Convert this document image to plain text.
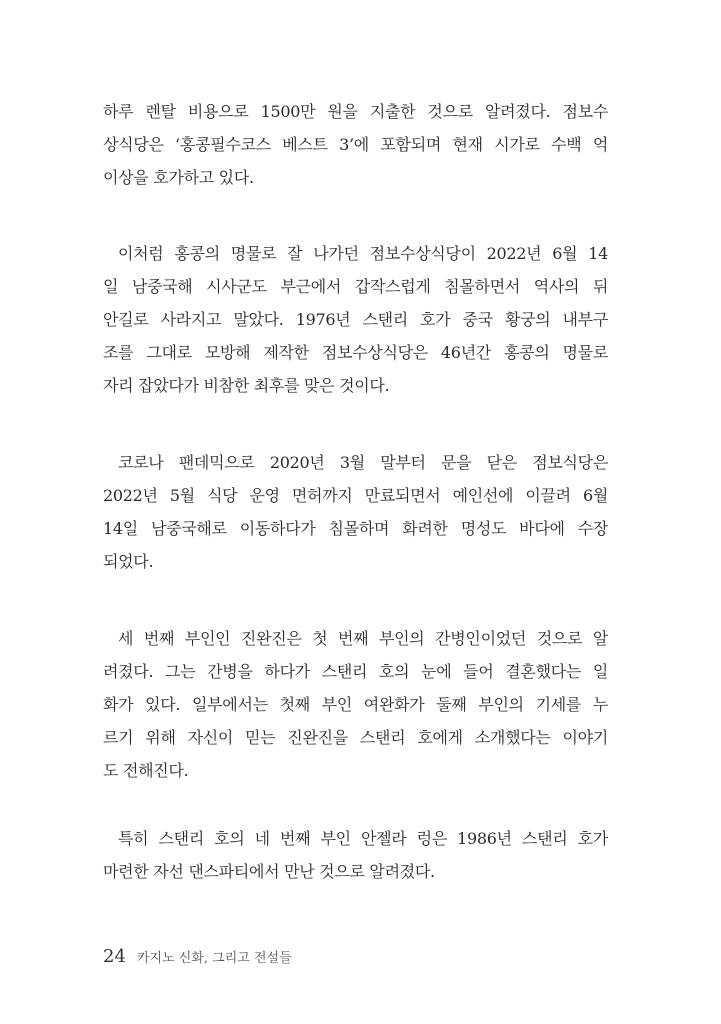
하루 렌탈 비용으로 1500만 원을 지출한 것으로 알려졌다. 점보수
상식당은 ‘홍콩필수코스 베스트 3’에 포함되며 현재 시가로 수백 억
이상을 호가하고 있다.
이처럼 홍콩의 명물로 잘 나가던 점보수상식당이 2022년 6월 14
일 남중국해 시사군도 부근에서 갑작스럽게 침몰하면서 역사의 뒤
안길로 사라지고 말았다. 1976년 스탠리 호가 중국 황궁의 내부구
조를 그대로 모방해 제작한 점보수상식당은 46년간 홍콩의 명물로
자리 잡았다가 비참한 최후를 맞은 것이다.
코로나 팬데믹으로 2020년 3월 말부터 문을 닫은 점보식당은
2022년 5월 식당 운영 면허까지 만료되면서 예인선에 이끌려 6월
14일 남중국해로 이동하다가 침몰하며 화려한 명성도 바다에 수장
되었다.
세 번째 부인인 진완진은 첫 번째 부인의 간병인이었던 것으로 알
려졌다. 그는 간병을 하다가 스탠리 호의 눈에 들어 결혼했다는 일
화가 있다. 일부에서는 첫째 부인 여완화가 둘째 부인의 기세를 누
르기 위해 자신이 믿는 진완진을 스탠리 호에게 소개했다는 이야기
도 전해진다.
특히 스탠리 호의 네 번째 부인 안젤라 렁은 1986년 스탠리 호가
마련한 자선 댄스파티에서 만난 것으로 알려졌다.
24 카지노 신화, 그리고 전설들
